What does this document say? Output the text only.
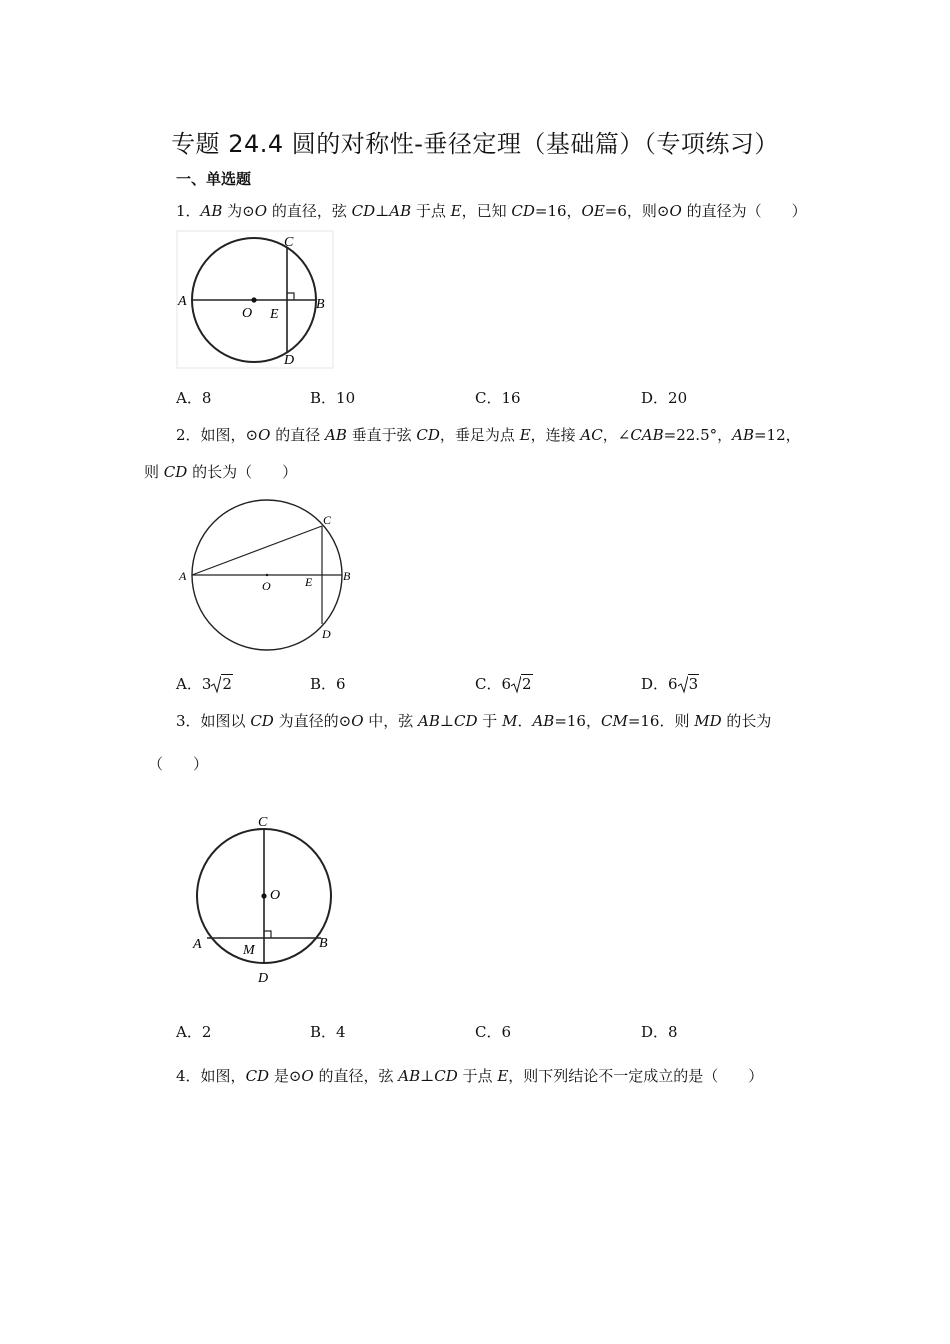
专题 24.4 圆的对称性-垂径定理（基础篇）（专项练习）
一、单选题
1．AB 为⊙O 的直径，弦 CD⊥AB 于点 E，已知 CD=16，OE=6，则⊙O 的直径为（　　）
C
A
O E
B
D
A．8	B．10	C．16	D．20
2．如图，⊙O 的直径 AB 垂直于弦 CD，垂足为点 E，连接 AC，∠CAB=22.5°，AB=12，
则 CD 的长为（　　）
C
A
O	E	B
D
A．3 2	B．6	C．6 2	D．6 3
3．如图以 CD 为直径的⊙O 中，弦 AB⊥CD 于 M．AB=16，CM=16．则 MD 的长为
（　　）
C
O
A	M	B
D
A．2	B．4	C．6	D．8
4．如图，CD 是⊙O 的直径，弦 AB⊥CD 于点 E，则下列结论不一定成立的是（　　）
